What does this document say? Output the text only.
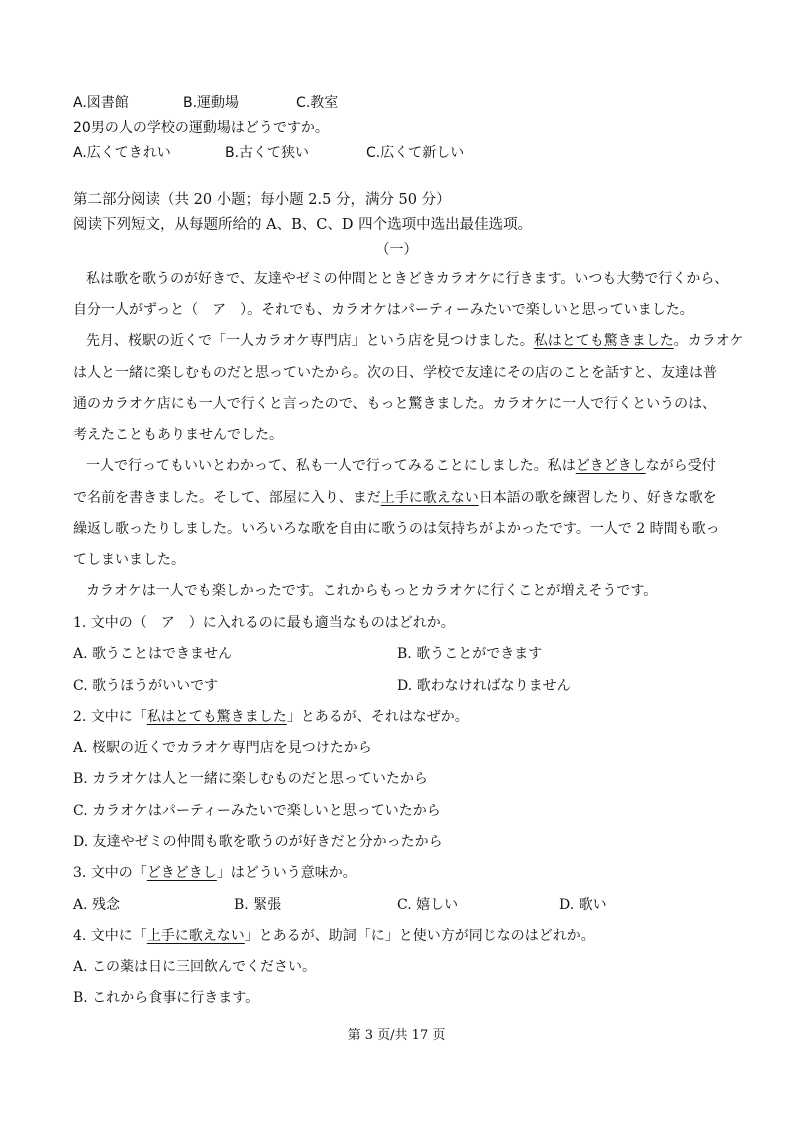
A.図書館	B.運動場	C.教室
20男の人の学校の運動場はどうですか。
A.広くてきれい	B.古くて狭い	C.広くて新しい
第二部分阅读（共 20 小题；每小题 2.5 分，满分 50 分）
阅读下列短文，从每题所给的 A、B、C、D 四个选项中选出最佳选项。
（一）
私は歌を歌うのが好きで、友達やゼミの仲間とときどきカラオケに行きます。いつも大勢で行くから、
自分一人がずっと（　ア　）。それでも、カラオケはパーティーみたいで楽しいと思っていました。
先月、桜駅の近くで「一人カラオケ専門店」という店を見つけました。私はとても驚きました。カラオケ
は人と一緒に楽しむものだと思っていたから。次の日、学校で友達にその店のことを話すと、友達は普
通のカラオケ店にも一人で行くと言ったので、もっと驚きました。カラオケに一人で行くというのは、
考えたこともありませんでした。
一人で行ってもいいとわかって、私も一人で行ってみることにしました。私はどきどきしながら受付
で名前を書きました。そして、部屋に入り、まだ上手に歌えない日本語の歌を練習したり、好きな歌を
繰返し歌ったりしました。いろいろな歌を自由に歌うのは気持ちがよかったです。一人で 2 時間も歌っ
てしまいました。
カラオケは一人でも楽しかったです。これからもっとカラオケに行くことが増えそうです。
1. 文中の（　ア　）に入れるのに最も適当なものはどれか。
A. 歌うことはできません	B. 歌うことができます
C. 歌うほうがいいです	D. 歌わなければなりません
2. 文中に「私はとても驚きました」とあるが、それはなぜか。
A. 桜駅の近くでカラオケ専門店を見つけたから
B. カラオケは人と一緒に楽しむものだと思っていたから
C. カラオケはパーティーみたいで楽しいと思っていたから
D. 友達やゼミの仲間も歌を歌うのが好きだと分かったから
3. 文中の「どきどきし」はどういう意味か。
A. 残念	B. 緊張	C. 嬉しい	D. 歌い
4. 文中に「上手に歌えない」とあるが、助詞「に」と使い方が同じなのはどれか。
A. この薬は日に三回飲んでください。
B. これから食事に行きます。
第 3 页/共 17 页
